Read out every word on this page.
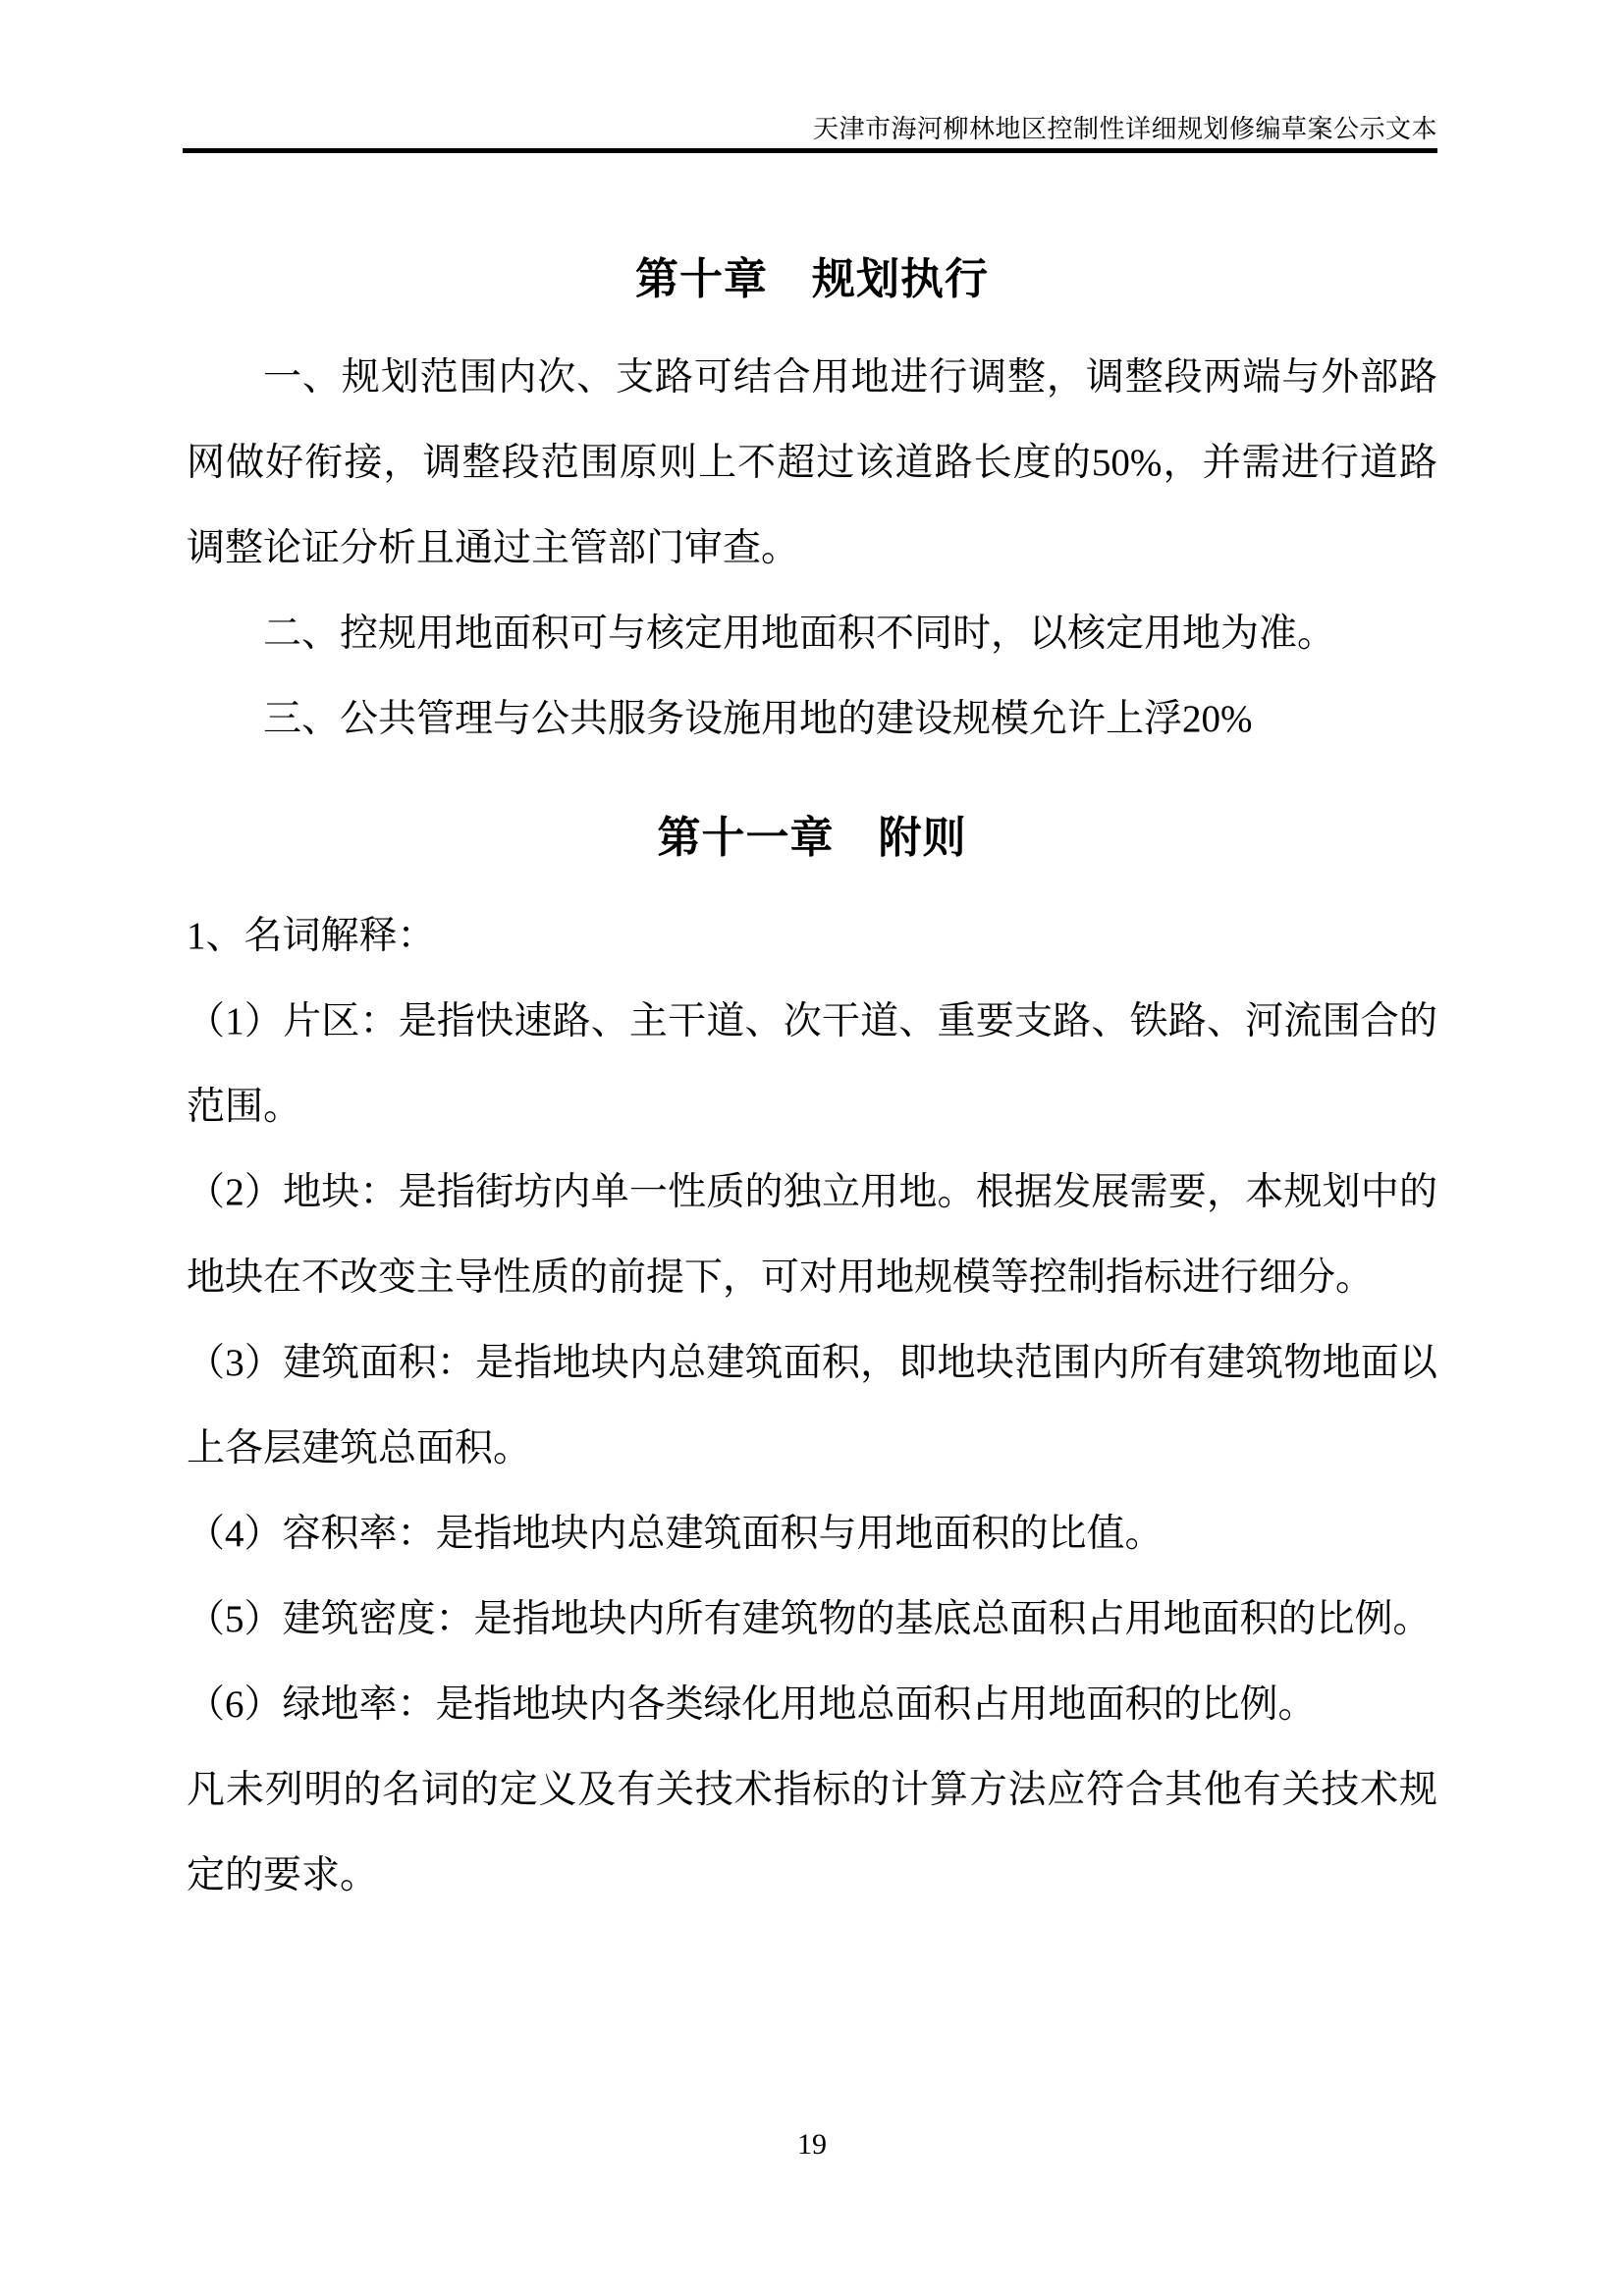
天津市海河柳林地区控制性详细规划修编草案公示文本
第十章　规划执行

一、规划范围内次、支路可结合用地进行调整，调整段两端与外部路网做好衔接，调整段范围原则上不超过该道路长度的50%，并需进行道路调整论证分析且通过主管部门审查。

二、控规用地面积可与核定用地面积不同时，以核定用地为准。

三、公共管理与公共服务设施用地的建设规模允许上浮20%

第十一章　附则

1、名词解释：

（1）片区：是指快速路、主干道、次干道、重要支路、铁路、河流围合的范围。

（2）地块：是指街坊内单一性质的独立用地。根据发展需要，本规划中的地块在不改变主导性质的前提下，可对用地规模等控制指标进行细分。

（3）建筑面积：是指地块内总建筑面积，即地块范围内所有建筑物地面以上各层建筑总面积。

（4）容积率：是指地块内总建筑面积与用地面积的比值。

（5）建筑密度：是指地块内所有建筑物的基底总面积占用地面积的比例。

（6）绿地率：是指地块内各类绿化用地总面积占用地面积的比例。

凡未列明的名词的定义及有关技术指标的计算方法应符合其他有关技术规定的要求。

19
